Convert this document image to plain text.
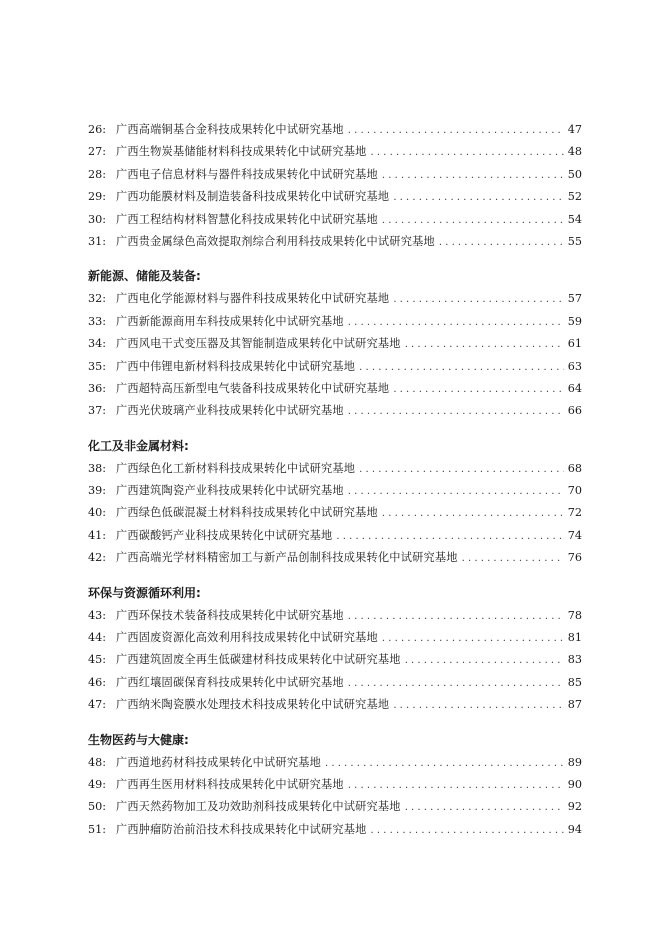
26: 广西高端铜基合金科技成果转化中试研究基地 . . .	47
27: 广西生物炭基储能材料科技成果转化中试研究基地 . . .	48
28: 广西电子信息材料与器件科技成果转化中试研究基地 . . .	50
29: 广西功能膜材料及制造装备科技成果转化中试研究基地 . . .	52
30: 广西工程结构材料智慧化科技成果转化中试研究基地 . . .	54
31: 广西贵金属绿色高效提取剂综合利用科技成果转化中试研究基地 . . .	55
新能源、储能及装备:
32: 广西电化学能源材料与器件科技成果转化中试研究基地 . . .	57
33: 广西新能源商用车科技成果转化中试研究基地 . . .	59
34: 广西风电干式变压器及其智能制造成果转化中试研究基地 . . .	61
35: 广西中伟锂电新材料科技成果转化中试研究基地 . . .	63
36: 广西超特高压新型电气装备科技成果转化中试研究基地 . . .	64
37: 广西光伏玻璃产业科技成果转化中试研究基地 . . .	66
化工及非金属材料:
38: 广西绿色化工新材料科技成果转化中试研究基地 . . .	68
39: 广西建筑陶瓷产业科技成果转化中试研究基地 . . .	70
40: 广西绿色低碳混凝土材料科技成果转化中试研究基地 . . .	72
41: 广西碳酸钙产业科技成果转化中试研究基地 . . .	74
42: 广西高端光学材料精密加工与新产品创制科技成果转化中试研究基地 . . .	76
环保与资源循环利用:
43: 广西环保技术装备科技成果转化中试研究基地 . . .	78
44: 广西固废资源化高效利用科技成果转化中试研究基地 . . .	81
45: 广西建筑固废全再生低碳建材科技成果转化中试研究基地 . . .	83
46: 广西红壤固碳保育科技成果转化中试研究基地 . . .	85
47: 广西纳米陶瓷膜水处理技术科技成果转化中试研究基地 . . .	87
生物医药与大健康:
48: 广西道地药材科技成果转化中试研究基地 . . .	89
49: 广西再生医用材料科技成果转化中试研究基地 . . .	90
50: 广西天然药物加工及功效助剂科技成果转化中试研究基地 . . .	92
51: 广西肿瘤防治前沿技术科技成果转化中试研究基地 . . .	94
